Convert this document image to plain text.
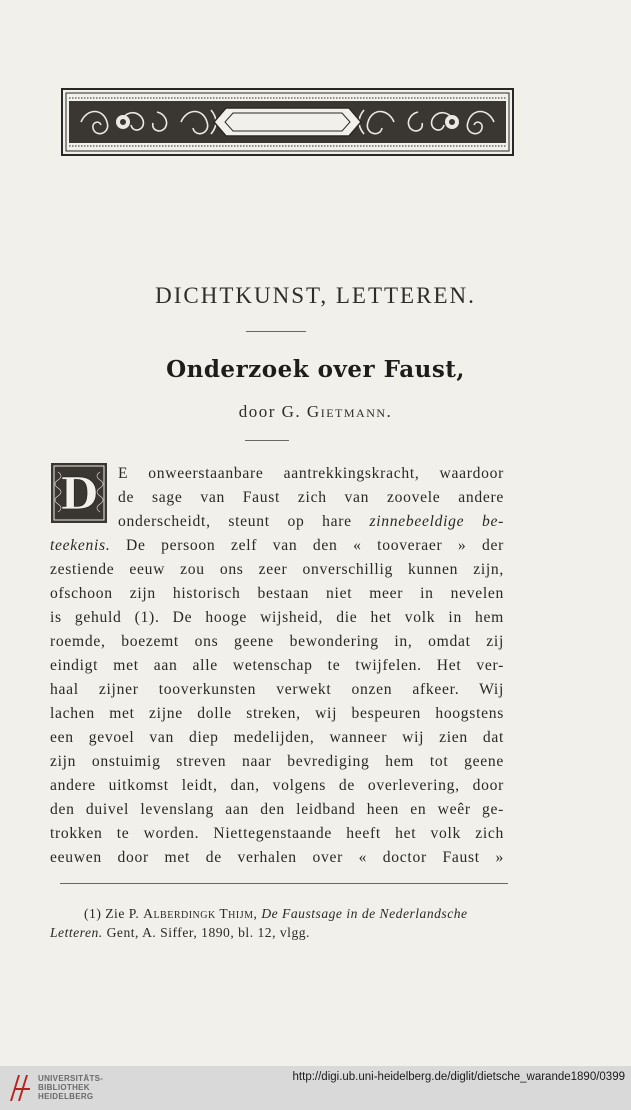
DICHTKUNST, LETTEREN.
Onderzoek over Faust,
door G. Gietmann.
D E onweerstaanbare aantrekkingskracht, waardoor
de sage van Faust zich van zoovele andere
onderscheidt, steunt op hare zinnebeeldige be-
teekenis. De persoon zelf van den « tooveraer » der
zestiende eeuw zou ons zeer onverschillig kunnen zijn,
ofschoon zijn historisch bestaan niet meer in nevelen
is gehuld (1). De hooge wijsheid, die het volk in hem
roemde, boezemt ons geene bewondering in, omdat zij
eindigt met aan alle wetenschap te twijfelen. Het ver-
haal zijner tooverkunsten verwekt onzen afkeer. Wij
lachen met zijne dolle streken, wij bespeuren hoogstens
een gevoel van diep medelijden, wanneer wij zien dat
zijn onstuimig streven naar bevrediging hem tot geene
andere uitkomst leidt, dan, volgens de overlevering, door
den duivel levenslang aan den leidband heen en weêr ge-
trokken te worden. Niettegenstaande heeft het volk zich
eeuwen door met de verhalen over « doctor Faust »
(1) Zie P. Alberdingk Thijm, De Faustsage in de Nederlandsche
Letteren. Gent, A. Siffer, 1890, bl. 12, vlgg.
UNIVERSITÄTS-
BIBLIOTHEK
HEIDELBERG
http://digi.ub.uni-heidelberg.de/diglit/dietsche_warande1890/0399
